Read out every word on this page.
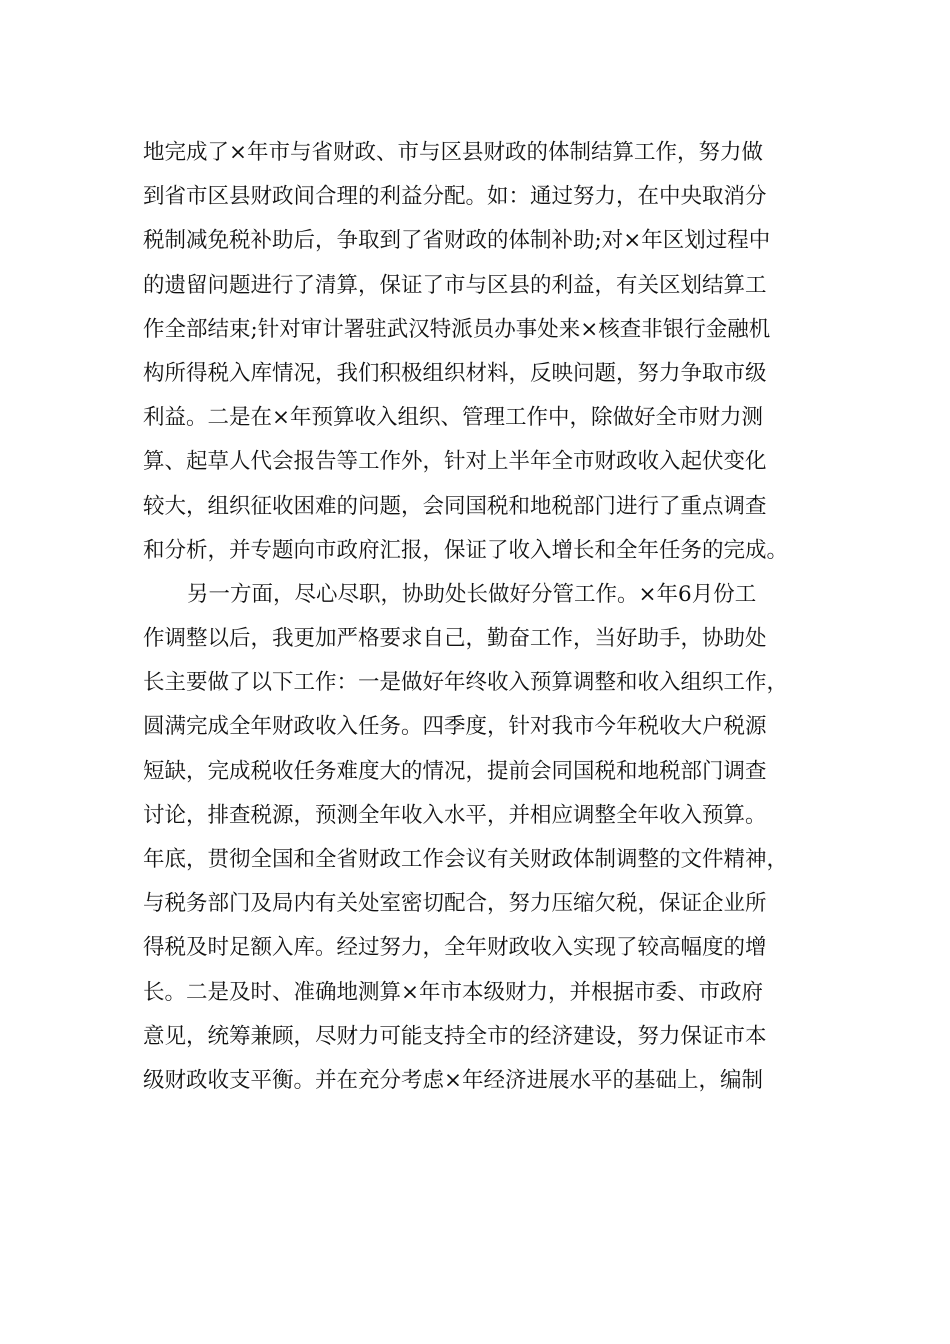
地完成了×年市与省财政、市与区县财政的体制结算工作，努力做
到省市区县财政间合理的利益分配。如：通过努力，在中央取消分
税制减免税补助后，争取到了省财政的体制补助;对×年区划过程中
的遗留问题进行了清算，保证了市与区县的利益，有关区划结算工
作全部结束;针对审计署驻武汉特派员办事处来×核查非银行金融机
构所得税入库情况，我们积极组织材料，反映问题，努力争取市级
利益。二是在×年预算收入组织、管理工作中，除做好全市财力测
算、起草人代会报告等工作外，针对上半年全市财政收入起伏变化
较大，组织征收困难的问题，会同国税和地税部门进行了重点调查
和分析，并专题向市政府汇报，保证了收入增长和全年任务的完成。
另一方面，尽心尽职，协助处长做好分管工作。×年6月份工
作调整以后，我更加严格要求自己，勤奋工作，当好助手，协助处
长主要做了以下工作：一是做好年终收入预算调整和收入组织工作，
圆满完成全年财政收入任务。四季度，针对我市今年税收大户税源
短缺，完成税收任务难度大的情况，提前会同国税和地税部门调查
讨论，排查税源，预测全年收入水平，并相应调整全年收入预算。
年底，贯彻全国和全省财政工作会议有关财政体制调整的文件精神，
与税务部门及局内有关处室密切配合，努力压缩欠税，保证企业所
得税及时足额入库。经过努力，全年财政收入实现了较高幅度的增
长。二是及时、准确地测算×年市本级财力，并根据市委、市政府
意见，统筹兼顾，尽财力可能支持全市的经济建设，努力保证市本
级财政收支平衡。并在充分考虑×年经济进展水平的基础上，编制
